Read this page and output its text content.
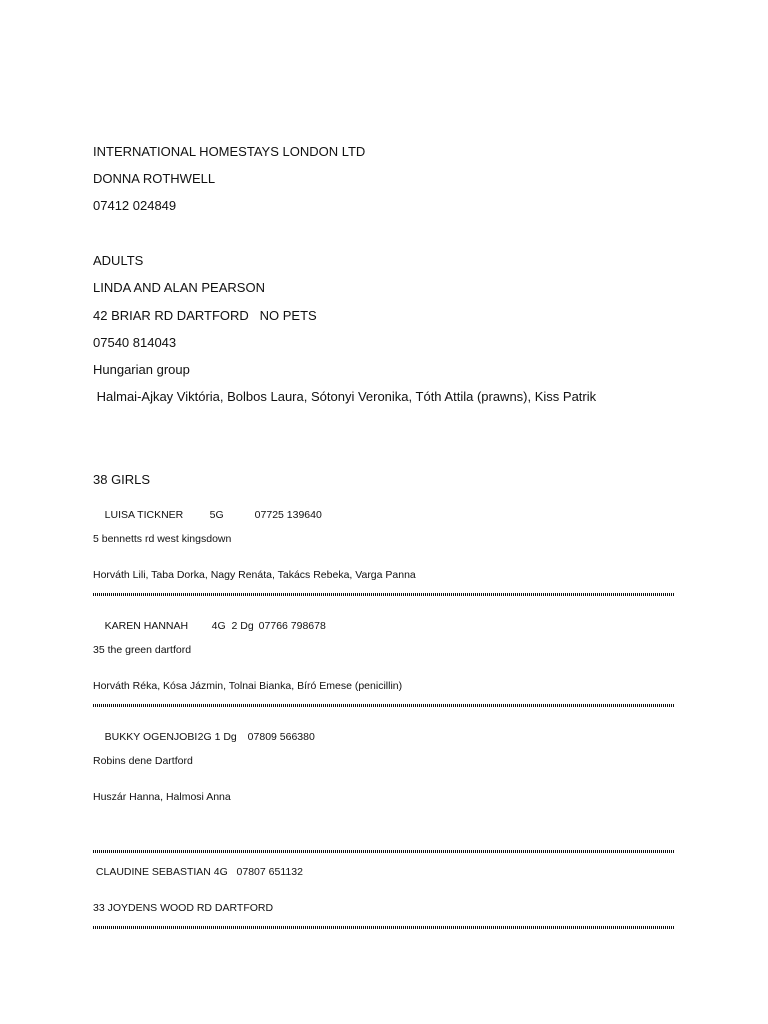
INTERNATIONAL HOMESTAYS LONDON LTD
DONNA ROTHWELL
07412 024849
ADULTS
LINDA AND ALAN PEARSON
42 BRIAR RD DARTFORD   NO PETS
07540 814043
Hungarian group
Halmai-Ajkay Viktória, Bolbos Laura, Sótonyi Veronika, Tóth Attila (prawns), Kiss Patrik
38 GIRLS

LUISA TICKNER	5G	07725 139640

5 bennetts rd west kingsdown
Horváth Lili, Taba Dorka, Nagy Renáta, Takács Rebeka, Varga Panna

KAREN HANNAH 4G  2 Dg 07766 798678

35 the green dartford
Horváth Réka, Kósa Jázmin, Tolnai Bianka, Bíró Emese (penicillin)

BUKKY OGENJOBI2G 1 Dg 07809 566380

Robins dene Dartford
Huszár Hanna, Halmosi Anna
CLAUDINE SEBASTIAN 4G   07807 651132
33 JOYDENS WOOD RD DARTFORD
